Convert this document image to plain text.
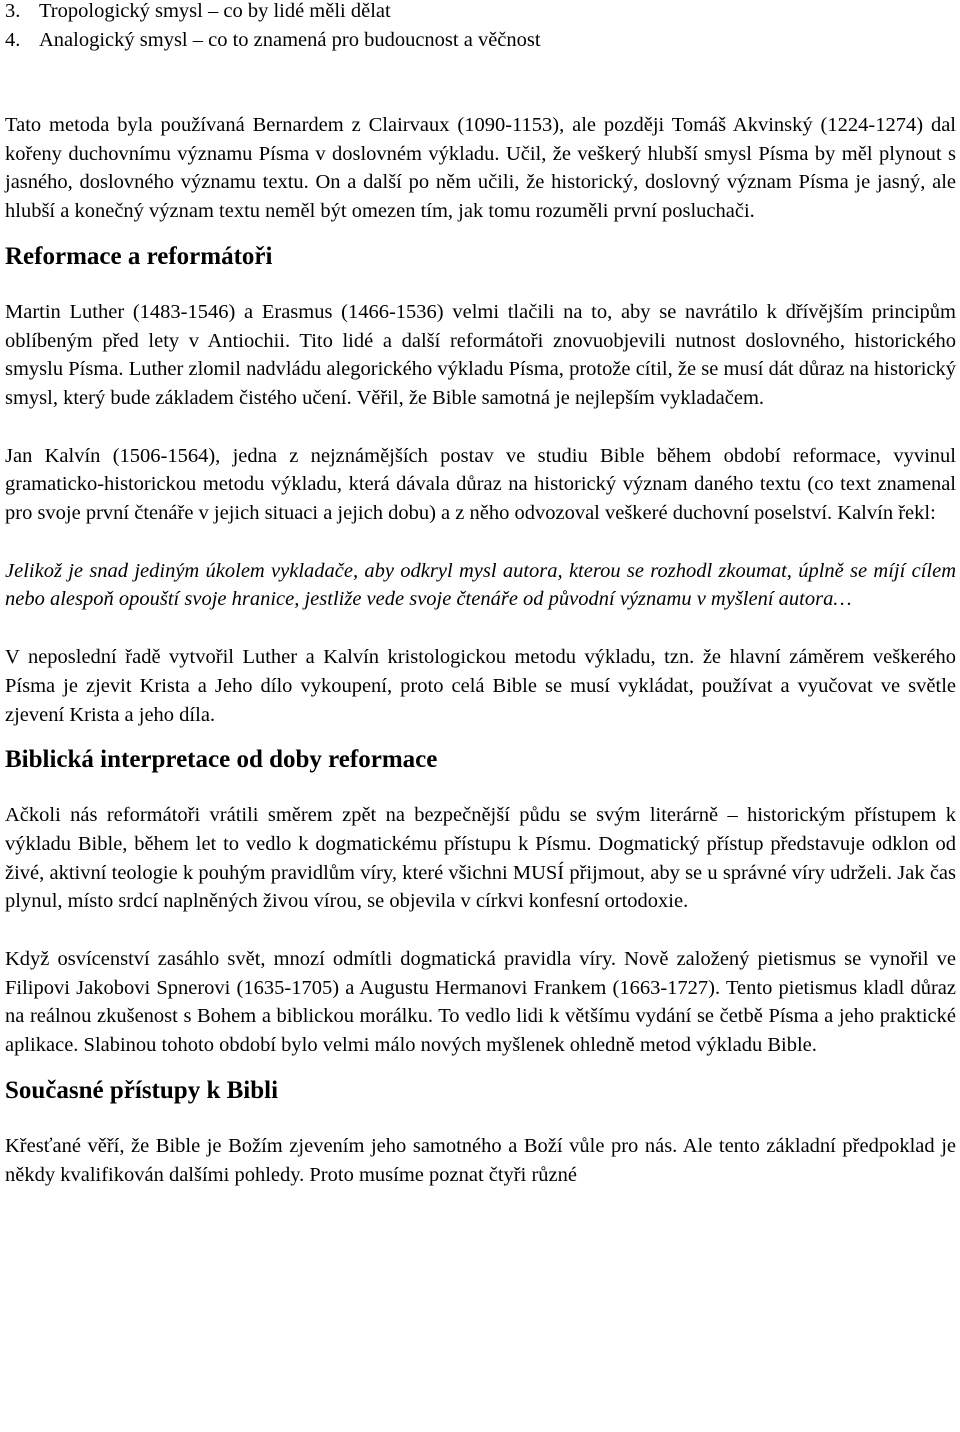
3. Tropologický smysl – co by lidé měli dělat
4. Analogický smysl – co to znamená pro budoucnost a věčnost

Tato metoda byla používaná Bernardem z Clairvaux (1090-1153), ale později Tomáš Akvinský (1224-1274) dal kořeny duchovnímu významu Písma v doslovném výkladu. Učil, že veškerý hlubší smysl Písma by měl plynout s jasného, doslovného významu textu. On a další po něm učili, že historický, doslovný význam Písma je jasný, ale hlubší a konečný význam textu neměl být omezen tím, jak tomu rozuměli první posluchači.

Reformace a reformátoři

Martin Luther (1483-1546) a Erasmus (1466-1536) velmi tlačili na to, aby se navrátilo k dřívějším principům oblíbeným před lety v Antiochii. Tito lidé a další reformátoři znovuobjevili nutnost doslovného, historického smyslu Písma. Luther zlomil nadvládu alegorického výkladu Písma, protože cítil, že se musí dát důraz na historický smysl, který bude základem čistého učení. Věřil, že Bible samotná je nejlepším vykladačem.

Jan Kalvín (1506-1564), jedna z nejznámějších postav ve studiu Bible během období reformace, vyvinul gramaticko-historickou metodu výkladu, která dávala důraz na historický význam daného textu (co text znamenal pro svoje první čtenáře v jejich situaci a jejich dobu) a z něho odvozoval veškeré duchovní poselství. Kalvín řekl:

Jelikož je snad jediným úkolem vykladače, aby odkryl mysl autora, kterou se rozhodl zkoumat, úplně se míjí cílem nebo alespoň opouští svoje hranice, jestliže vede svoje čtenáře od původní významu v myšlení autora…

V neposlední řadě vytvořil Luther a Kalvín kristologickou metodu výkladu, tzn. že hlavní záměrem veškerého Písma je zjevit Krista a Jeho dílo vykoupení, proto celá Bible se musí vykládat, používat a vyučovat ve světle zjevení Krista a jeho díla.

Biblická interpretace od doby reformace

Ačkoli nás reformátoři vrátili směrem zpět na bezpečnější půdu se svým literárně – historickým přístupem k výkladu Bible, během let to vedlo k dogmatickému přístupu k Písmu. Dogmatický přístup představuje odklon od živé, aktivní teologie k pouhým pravidlům víry, které všichni MUSÍ přijmout, aby se u správné víry udrželi. Jak čas plynul, místo srdcí naplněných živou vírou, se objevila v církvi konfesní ortodoxie.

Když osvícenství zasáhlo svět, mnozí odmítli dogmatická pravidla víry. Nově založený pietismus se vynořil ve Filipovi Jakobovi Spnerovi (1635-1705) a Augustu Hermanovi Frankem (1663-1727). Tento pietismus kladl důraz na reálnou zkušenost s Bohem a biblickou morálku. To vedlo lidi k většímu vydání se četbě Písma a jeho praktické aplikace. Slabinou tohoto období bylo velmi málo nových myšlenek ohledně metod výkladu Bible.

Současné přístupy k Bibli

Křesťané věří, že Bible je Božím zjevením jeho samotného a Boží vůle pro nás. Ale tento základní předpoklad je někdy kvalifikován dalšími pohledy. Proto musíme poznat čtyři různé
